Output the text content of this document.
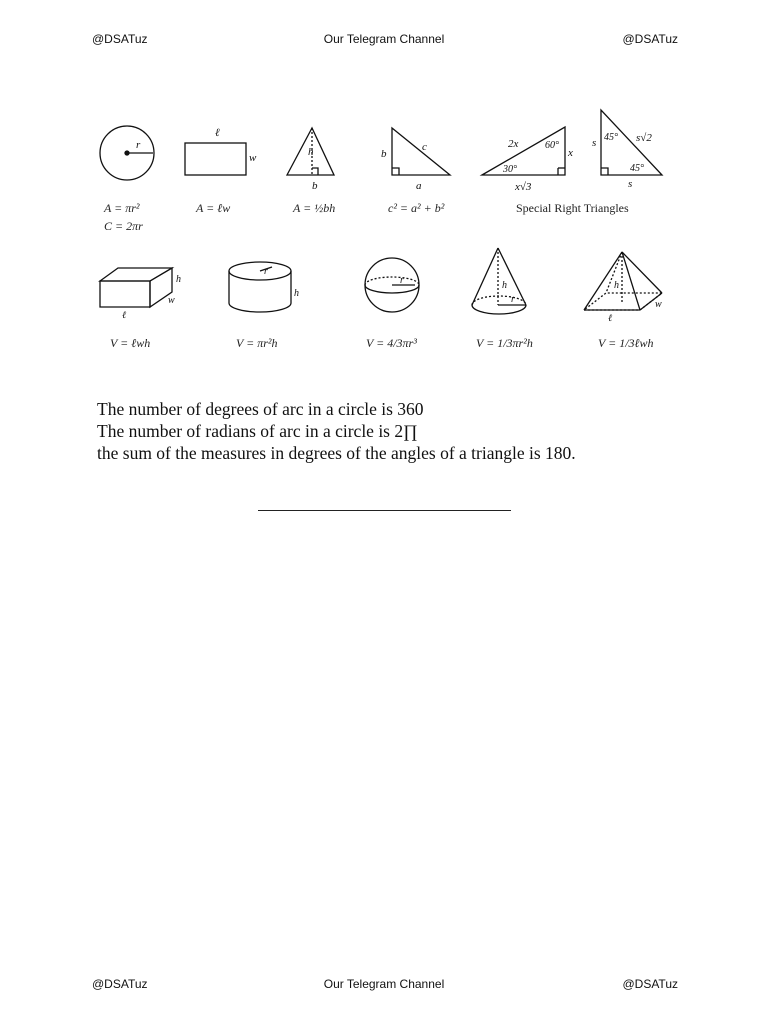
@DSATuz	Our Telegram Channel	@DSATuz
r
A = πr²
C = 2πr
ℓ
w
A = ℓw
h
b
A = ½bh
b
c
a
c² = a² + b²
2x	60°
x
30°
x√3
45°
s	s√2
45°
s
Special Right Triangles
h
w
ℓ
V = ℓwh
r
h
V = πr²h
r
V = 4/3πr³
h
r
V = 1/3πr²h
h
w
ℓ
V = 1/3ℓwh
The number of degrees of arc in a circle is 360
The number of radians of arc in a circle is 2∏
the sum of the measures in degrees of the angles of a triangle is 180.
@DSATuz	Our Telegram Channel	@DSATuz
